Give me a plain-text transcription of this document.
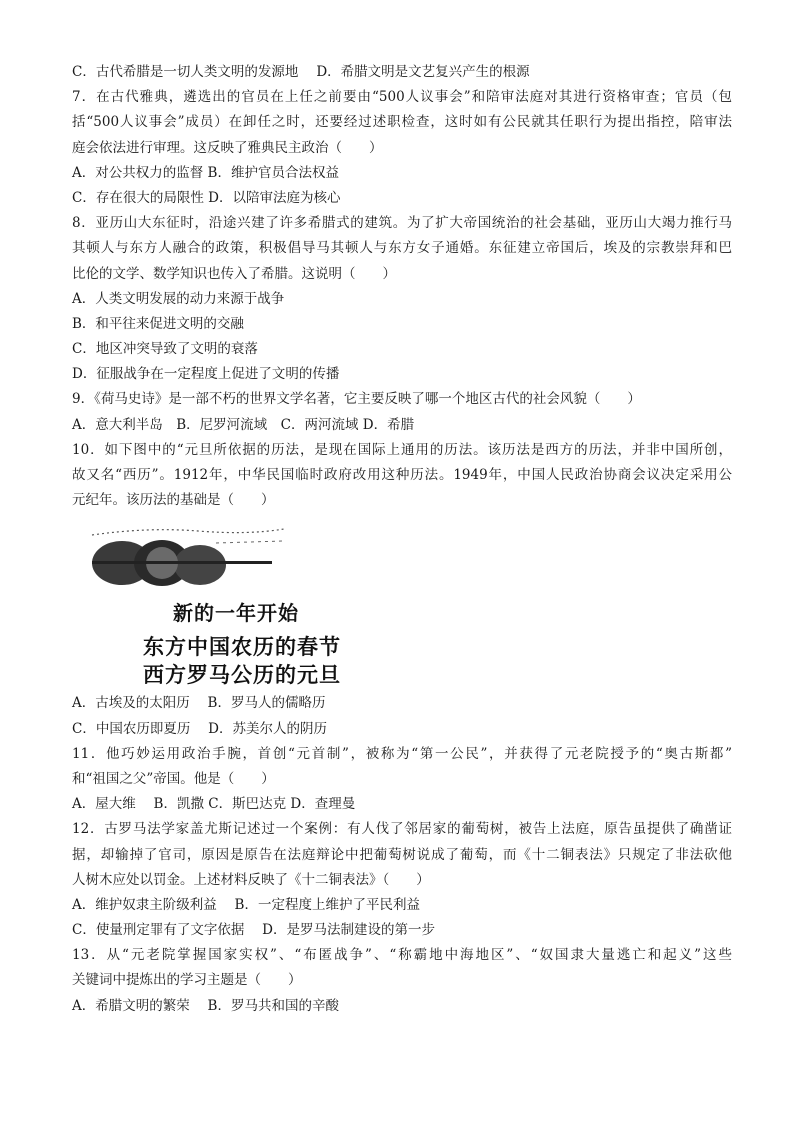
C．古代希腊是一切人类文明的发源地 D．希腊文明是文艺复兴产生的根源
7．在古代雅典，遴选出的官员在上任之前要由“500人议事会”和陪审法庭对其进行资格审查；官员（包
括“500人议事会”成员）在卸任之时，还要经过述职检查，这时如有公民就其任职行为提出指控，陪审法
庭会依法进行审理。这反映了雅典民主政治（　　）
A．对公共权力的监督 B．维护官员合法权益
C．存在很大的局限性 D．以陪审法庭为核心
8．亚历山大东征时，沿途兴建了许多希腊式的建筑。为了扩大帝国统治的社会基础，亚历山大竭力推行马
其顿人与东方人融合的政策，积极倡导马其顿人与东方女子通婚。东征建立帝国后，埃及的宗教崇拜和巴
比伦的文学、数学知识也传入了希腊。这说明（　　）
A．人类文明发展的动力来源于战争
B．和平往来促进文明的交融
C．地区冲突导致了文明的衰落
D．征服战争在一定程度上促进了文明的传播
9．《荷马史诗》是一部不朽的世界文学名著，它主要反映了哪一个地区古代的社会风貌（　　）
A．意大利半岛　B．尼罗河流域　C．两河流域 D．希腊
10．如下图中的“元旦所依据的历法，是现在国际上通用的历法。该历法是西方的历法，并非中国所创，
故又名“西历”。1912年，中华民国临时政府改用这种历法。1949年，中国人民政治协商会议决定采用公
元纪年。该历法的基础是（　　）
新的一年开始
东方中国农历的春节
西方罗马公历的元旦
A．古埃及的太阳历　 B．罗马人的儒略历
C．中国农历即夏历　 D．苏美尔人的阴历
11．他巧妙运用政治手腕，首创“元首制”，被称为“第一公民”，并获得了元老院授予的“奥古斯都”
和“祖国之父”帝国。他是（　　）
A．屋大维　 B．凯撒 C．斯巴达克 D．查理曼
12．古罗马法学家盖尤斯记述过一个案例：有人伐了邻居家的葡萄树，被告上法庭，原告虽提供了确凿证
据，却输掉了官司，原因是原告在法庭辩论中把葡萄树说成了葡萄，而《十二铜表法》只规定了非法砍他
人树木应处以罚金。上述材料反映了《十二铜表法》（　　）
A．维护奴隶主阶级利益　 B．一定程度上维护了平民利益
C．使量刑定罪有了文字依据　 D．是罗马法制建设的第一步
13．从“元老院掌握国家实权”、“布匿战争”、“称霸地中海地区”、“奴国隶大量逃亡和起义”这些
关键词中提炼出的学习主题是（　　）
A．希腊文明的繁荣　 B．罗马共和国的辛酸
